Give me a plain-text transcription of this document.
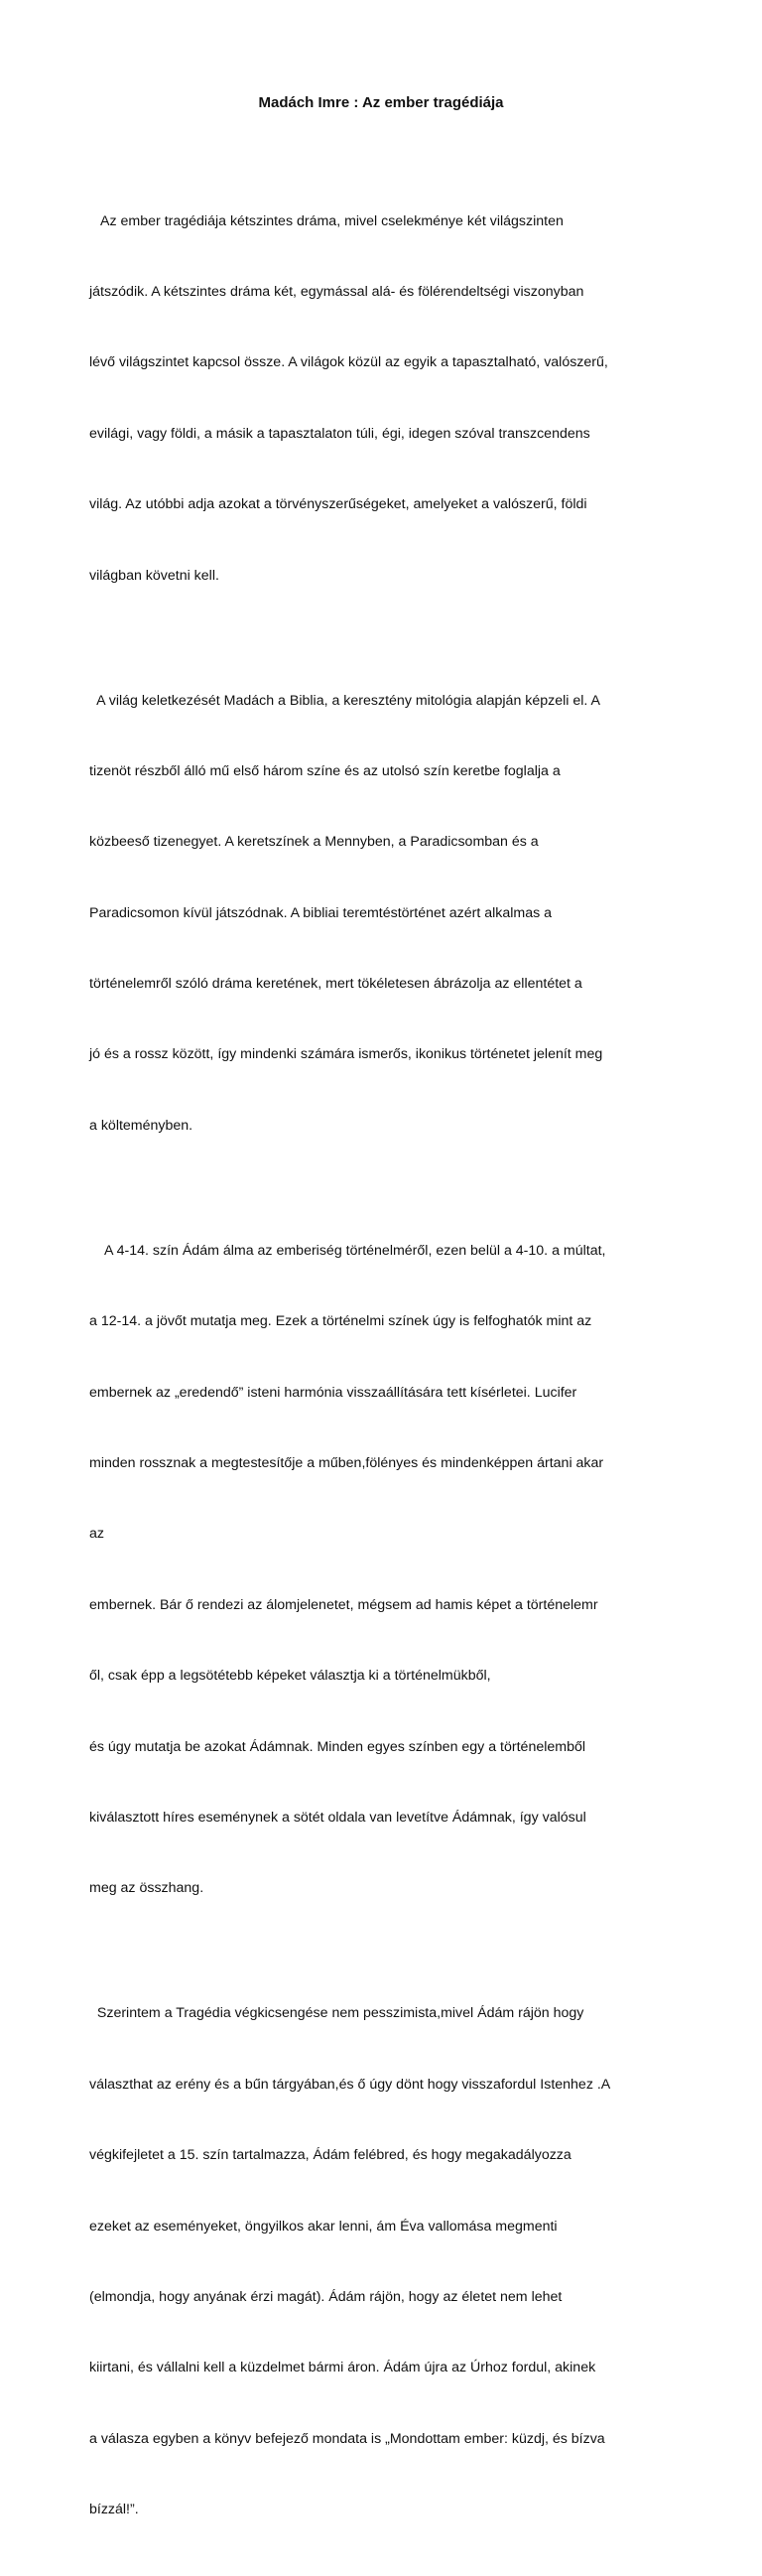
Madách Imre : Az ember tragédiája

Az ember tragédiája kétszintes dráma, mivel cselekménye két világszinten

játszódik. A kétszintes dráma két, egymással alá- és fölérendeltségi viszonyban

lévő világszintet kapcsol össze. A világok közül az egyik a tapasztalható, valószerű,

evilági, vagy földi, a másik a tapasztalaton túli, égi, idegen szóval transzcendens

világ. Az utóbbi adja azokat a törvényszerűségeket, amelyeket a valószerű, földi

világban követni kell.

A világ keletkezését Madách a Biblia, a keresztény mitológia alapján képzeli el. A

tizenöt részből álló mű első három színe és az utolsó szín keretbe foglalja a

közbeeső tizenegyet. A keretszínek a Mennyben, a Paradicsomban és a

Paradicsomon kívül játszódnak. A bibliai teremtéstörténet azért alkalmas a

történelemről szóló dráma keretének, mert tökéletesen ábrázolja az ellentétet a

jó és a rossz között, így mindenki számára ismerős, ikonikus történetet jelenít meg

a költeményben.

A 4-14. szín Ádám álma az emberiség történelméről, ezen belül a 4-10. a múltat,

a 12-14. a jövőt mutatja meg. Ezek a történelmi színek úgy is felfoghatók mint az

embernek az „eredendő” isteni harmónia visszaállítására tett kísérletei. Lucifer

minden rossznak a megtestesítője a műben,fölényes és mindenképpen ártani akar

az

embernek. Bár ő rendezi az álomjelenetet, mégsem ad hamis képet a történelemr

ől, csak épp a legsötétebb képeket választja ki a történelmükből,

és úgy mutatja be azokat Ádámnak. Minden egyes színben egy a történelemből

kiválasztott híres eseménynek a sötét oldala van levetítve Ádámnak, így valósul

meg az összhang.

Szerintem a Tragédia végkicsengése nem pesszimista,mivel Ádám rájön hogy

választhat az erény és a bűn tárgyában,és ő úgy dönt hogy visszafordul Istenhez .A

végkifejletet a 15. szín tartalmazza, Ádám felébred, és hogy megakadályozza

ezeket az eseményeket, öngyilkos akar lenni, ám Éva vallomása megmenti

(elmondja, hogy anyának érzi magát). Ádám rájön, hogy az életet nem lehet

kiirtani, és vállalni kell a küzdelmet bármi áron. Ádám újra az Úrhoz fordul, akinek

a válasza egyben a könyv befejező mondata is „Mondottam ember: küzdj, és bízva

bízzál!”.
